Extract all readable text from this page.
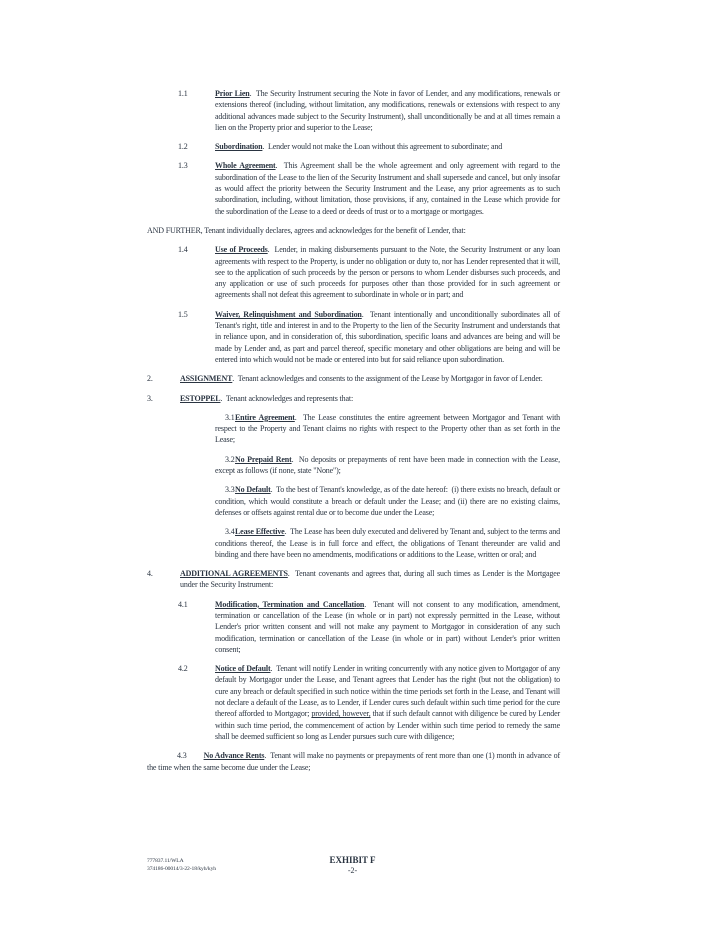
1.1	Prior Lien.  The Security Instrument securing the Note in favor of Lender, and any modifications, renewals or extensions thereof (including, without limitation, any modifications, renewals or extensions with respect to any additional advances made subject to the Security Instrument), shall unconditionally be and at all times remain a lien on the Property prior and superior to the Lease;

1.2	Subordination.  Lender would not make the Loan without this agreement to subordinate; and

1.3	Whole Agreement.  This Agreement shall be the whole agreement and only agreement with regard to the subordination of the Lease to the lien of the Security Instrument and shall supersede and cancel, but only insofar as would affect the priority between the Security Instrument and the Lease, any prior agreements as to such subordination, including, without limitation, those provisions, if any, contained in the Lease which provide for the subordination of the Lease to a deed or deeds of trust or to a mortgage or mortgages.

AND FURTHER, Tenant individually declares, agrees and acknowledges for the benefit of Lender, that:

1.4	Use of Proceeds.  Lender, in making disbursements pursuant to the Note, the Security Instrument or any loan agreements with respect to the Property, is under no obligation or duty to, nor has Lender represented that it will, see to the application of such proceeds by the person or persons to whom Lender disburses such proceeds, and any application or use of such proceeds for purposes other than those provided for in such agreement or agreements shall not defeat this agreement to subordinate in whole or in part; and

1.5	Waiver, Relinquishment and Subordination.  Tenant intentionally and unconditionally subordinates all of Tenant's right, title and interest in and to the Property to the lien of the Security Instrument and understands that in reliance upon, and in consideration of, this subordination, specific loans and advances are being and will be made by Lender and, as part and parcel thereof, specific monetary and other obligations are being and will be entered into which would not be made or entered into but for said reliance upon subordination.

2.	ASSIGNMENT.  Tenant acknowledges and consents to the assignment of the Lease by Mortgagor in favor of Lender.

3.	ESTOPPEL.  Tenant acknowledges and represents that:

3.1 Entire Agreement.  The Lease constitutes the entire agreement between Mortgagor and Tenant with respect to the Property and Tenant claims no rights with respect to the Property other than as set forth in the Lease;

3.2 No Prepaid Rent.  No deposits or prepayments of rent have been made in connection with the Lease, except as follows (if none, state "None");

3.3 No Default.  To the best of Tenant's knowledge, as of the date hereof:  (i) there exists no breach, default or condition, which would constitute a breach or default under the Lease; and (ii) there are no existing claims, defenses or offsets against rental due or to become due under the Lease;

3.4 Lease Effective.  The Lease has been duly executed and delivered by Tenant and, subject to the terms and conditions thereof, the Lease is in full force and effect, the obligations of Tenant thereunder are valid and binding and there have been no amendments, modifications or additions to the Lease, written or oral; and

4.	ADDITIONAL AGREEMENTS.  Tenant covenants and agrees that, during all such times as Lender is the Mortgagee under the Security Instrument:

4.1	Modification, Termination and Cancellation.  Tenant will not consent to any modification, amendment, termination or cancellation of the Lease (in whole or in part) not expressly permitted in the Lease, without Lender's prior written consent and will not make any payment to Mortgagor in consideration of any such modification, termination or cancellation of the Lease (in whole or in part) without Lender's prior written consent;

4.2	Notice of Default.  Tenant will notify Lender in writing concurrently with any notice given to Mortgagor of any default by Mortgagor under the Lease, and Tenant agrees that Lender has the right (but not the obligation) to cure any breach or default specified in such notice within the time periods set forth in the Lease, and Tenant will not declare a default of the Lease, as to Lender, if Lender cures such default within such time period for the cure thereof afforded to Mortgagor; provided, however, that if such default cannot with diligence be cured by Lender within such time period, the commencement of action by Lender within such time period to remedy the same shall be deemed sufficient so long as Lender pursues such cure with diligence;

4.3 No Advance Rents.  Tenant will make no payments or prepayments of rent more than one (1) month in advance of the time when the same become due under the Lease;

777837.11/WLA
374186-00014/3-22-18/kyh/kyh
EXHIBIT F
-2-
